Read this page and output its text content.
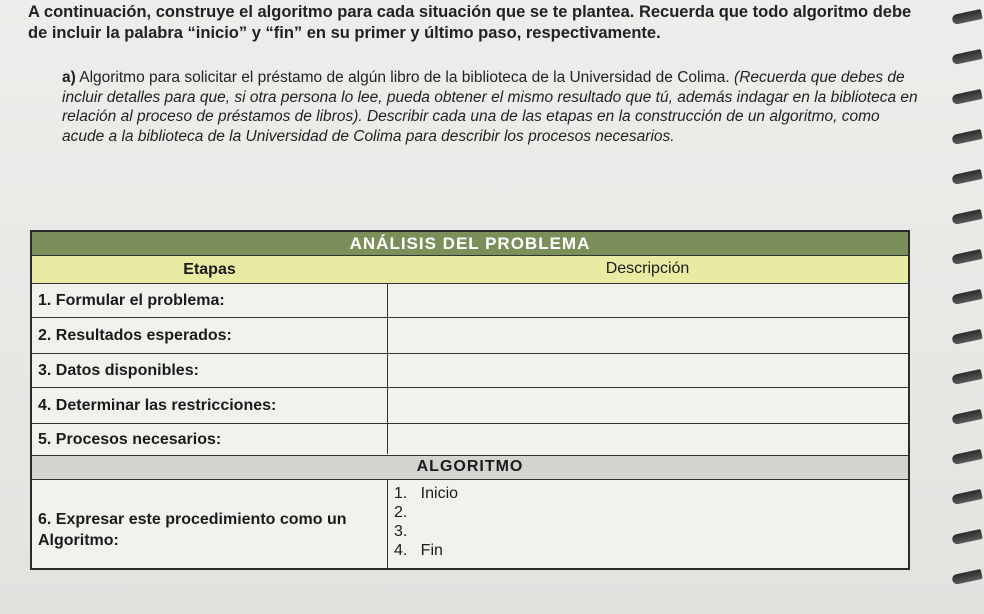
A continuación, construye el algoritmo para cada situación que se te plantea. Recuerda que todo algoritmo debe de incluir la palabra “inicio” y “fin” en su primer y último paso, respectivamente.
a) Algoritmo para solicitar el préstamo de algún libro de la biblioteca de la Universidad de Colima. (Recuerda que debes de incluir detalles para que, si otra persona lo lee, pueda obtener el mismo resultado que tú, además indagar en la biblioteca en relación al proceso de préstamos de libros). Describir cada una de las etapas en la construcción de un algoritmo, como acude a la biblioteca de la Universidad de Colima para describir los procesos necesarios.
ANÁLISIS DEL PROBLEMA
Etapas	Descripción
1. Formular el problema:
2. Resultados esperados:
3. Datos disponibles:
4. Determinar las restricciones:
5. Procesos necesarios:
ALGORITMO
6. Expresar este procedimiento como un Algoritmo:
1.   Inicio
2.
3.
4.   Fin
